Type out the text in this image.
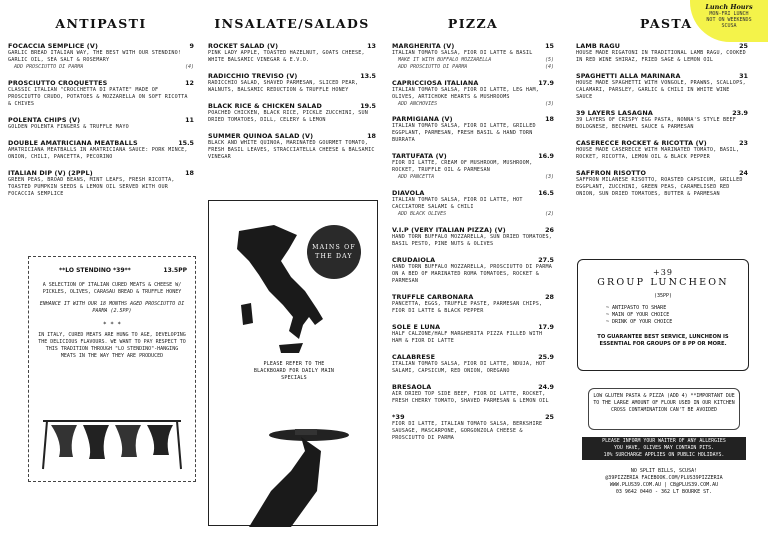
Lunch Hours
MON-FRI LUNCH
NOT ON WEEKENDS
SCUSA
ANTIPASTI
FOCACCIA SEMPLICE (V)	9
GARLIC BREAD ITALIAN WAY, THE BEST WITH OUR STENDINO! GARLIC OIL, SEA SALT & ROSEMARY
ADD PROSCIUTTO DI PARMA	(4)
PROSCIUTTO CROQUETTES	12
CLASSIC ITALIAN "CROCCHETTA DI PATATE" MADE OF PROSCIUTTO CRUDO, POTATOES & MOZZARELLA ON SOFT RICOTTA & CHIVES
POLENTA CHIPS (V)	11
GOLDEN POLENTA FINGERS & TRUFFLE MAYO
DOUBLE AMATRICIANA MEATBALLS	15.5
AMATRICIANA MEATBALLS IN AMATRICIANA SAUCE: PORK MINCE, ONION, CHILI, PANCETTA, PECORINO
ITALIAN DIP (V) (2PPL)	18
GREEN PEAS, BROAD BEANS, MINT LEAFS, FRESH RICOTTA, TOASTED PUMPKIN SEEDS & LEMON OIL SERVED WITH OUR FOCACCIA SEMPLICE
**LO STENDINO *39**	13.5PP
A SELECTION OF ITALIAN CURED MEATS & CHEESE W/ PICKLES, OLIVES, CARASAU BREAD & TRUFFLE HONEY
ENHANCE IT WITH OUR 18 MONTHS AGED PROSCIUTTO DI PARMA (2.5PP)
* * *
IN ITALY, CURED MEATS ARE HUNG TO AGE, DEVELOPING THE DELICIOUS FLAVOURS. WE WANT TO PAY RESPECT TO THIS TRADITION THROUGH "LO STENDINO"-HANGING MEATS IN THE WAY THEY ARE PRODUCED
INSALATE/SALADS
ROCKET SALAD (V)	13
PINK LADY APPLE, TOASTED HAZELNUT, GOATS CHEESE, WHITE BALSAMIC VINEGAR & E.V.O.
RADICCHIO TREVISO (V)	13.5
RADICCHIO SALAD, SHAVED PARMESAN, SLICED PEAR, WALNUTS, BALSAMIC REDUCTION & TRUFFLE HONEY
BLACK RICE & CHICKEN SALAD	19.5
POACHED CHICKEN, BLACK RICE, PICKLE ZUCCHINI, SUN DRIED TOMATOES, DILL, CELERY & LEMON
SUMMER QUINOA SALAD (V)	18
BLACK AND WHITE QUINOA, MARINATED GOURMET TOMATO, FRESH BASIL LEAVES, STRACCIATELLA CHEESE & BALSAMIC VINEGAR
MAINS OF THE DAY
PLEASE REFER TO THE BLACKBOARD FOR DAILY MAIN SPECIALS
PIZZA
MARGHERITA (V)	15
ITALIAN TOMATO SALSA, FIOR DI LATTE & BASIL
MAKE IT WITH BUFFALO MOZZARELLA	(5)
ADD PROSCIUTTO DI PARMA	(4)
CAPRICCIOSA ITALIANA	17.9
ITALIAN TOMATO SALSA, FIOR DI LATTE, LEG HAM, OLIVES, ARTICHOKE HEARTS & MUSHROOMS
ADD ANCHOVIES	(3)
PARMIGIANA (V)	18
ITALIAN TOMATO SALSA, FIOR DI LATTE, GRILLED EGGPLANT, PARMESAN, FRESH BASIL & HAND TORN BURRATA
TARTUFATA (V)	16.9
FIOR DI LATTE, CREAM OF MUSHROOM, MUSHROOM, ROCKET, TRUFFLE OIL & PARMESAN
ADD PANCETTA	(3)
DIAVOLA	16.5
ITALIAN TOMATO SALSA, FIOR DI LATTE, HOT CACCIATORE SALAMI & CHILI
ADD BLACK OLIVES	(2)
V.I.P (VERY ITALIAN PIZZA) (V)	26
HAND TORN BUFFALO MOZZARELLA, SUN DRIED TOMATOES, BASIL PESTO, PINE NUTS & OLIVES
CRUDAIOLA	27.5
HAND TORN BUFFALO MOZZARELLA, PROSCIUTTO DI PARMA ON A BED OF MARINATED ROMA TOMATOES, ROCKET & PARMESAN
TRUFFLE CARBONARA	28
PANCETTA, EGGS, TRUFFLE PASTE, PARMESAN CHIPS, FIOR DI LATTE & BLACK PEPPER
SOLE E LUNA	17.9
HALF CALZONE/HALF MARGHERITA PIZZA FILLED WITH HAM & FIOR DI LATTE
CALABRESE	25.9
ITALIAN TOMATO SALSA, FIOR DI LATTE, NDUJA, HOT SALAMI, CAPSICUM, RED ONION, OREGANO
BRESAOLA	24.9
AIR DRIED TOP SIDE BEEF, FIOR DI LATTE, ROCKET, FRESH CHERRY TOMATO, SHAVED PARMESAN & LEMON OIL
*39	25
FIOR DI LATTE, ITALIAN TOMATO SALSA, BERKSHIRE SAUSAGE, MASCARPONE, GORGONZOLA CHEESE & PROSCIUTTO DI PARMA
PASTA
LAMB RAGU	25
HOUSE MADE RIGATONI IN TRADITIONAL LAMB RAGU, COOKED IN RED WINE SHIRAZ, FRIED SAGE & LEMON OIL
SPAGHETTI ALLA MARINARA	31
HOUSE MADE SPAGHETTI WITH VONGOLE, PRAWNS, SCALLOPS, CALAMARI, PARSLEY, GARLIC & CHILI IN WHITE WINE SAUCE
39 LAYERS LASAGNA	23.9
39 LAYERS OF CRISPY EGG PASTA, NONNA'S STYLE BEEF BOLOGNESE, BECHAMEL SAUCE & PARMESAN
CASERECCE ROCKET & RICOTTA (V)	23
HOUSE MADE CASERECCE WITH MARINATED TOMATO, BASIL, ROCKET, RICOTTA, LEMON OIL & BLACK PEPPER
SAFFRON RISOTTO	24
SAFFRON MILANESE RISOTTO, ROASTED CAPSICUM, GRILLED EGGPLANT, ZUCCHINI, GREEN PEAS, CARAMELISED RED ONION, SUN DRIED TOMATOES, BUTTER & PARMESAN
+39
GROUP LUNCHEON
(35PP)
~ ANTIPASTO TO SHARE
~ MAIN OF YOUR CHOICE
~ DRINK OF YOUR CHOICE
TO GUARANTEE BEST SERVICE, LUNCHEON IS ESSENTIAL FOR GROUPS OF 8 PP OR MORE.
LOW GLUTEN PASTA & PIZZA (ADD 4) **IMPORTANT DUE TO THE LARGE AMOUNT OF FLOUR USED IN OUR KITCHEN CROSS CONTAMINATION CAN'T BE AVOIDED
PLEASE INFORM YOUR WAITER OF ANY ALLERGIES
YOU HAVE, OLIVES MAY CONTAIN PITS.
10% SURCHARGE APPLIES ON PUBLIC HOLIDAYS.
NO SPLIT BILLS, SCUSA!
@39PIZZERIA FACEBOOK.COM/PLUS39PIZZERIA
WWW.PLUS39.COM.AU | CB@PLUS39.COM.AU
03 9642 0440 - 362 LT BOURKE ST.
